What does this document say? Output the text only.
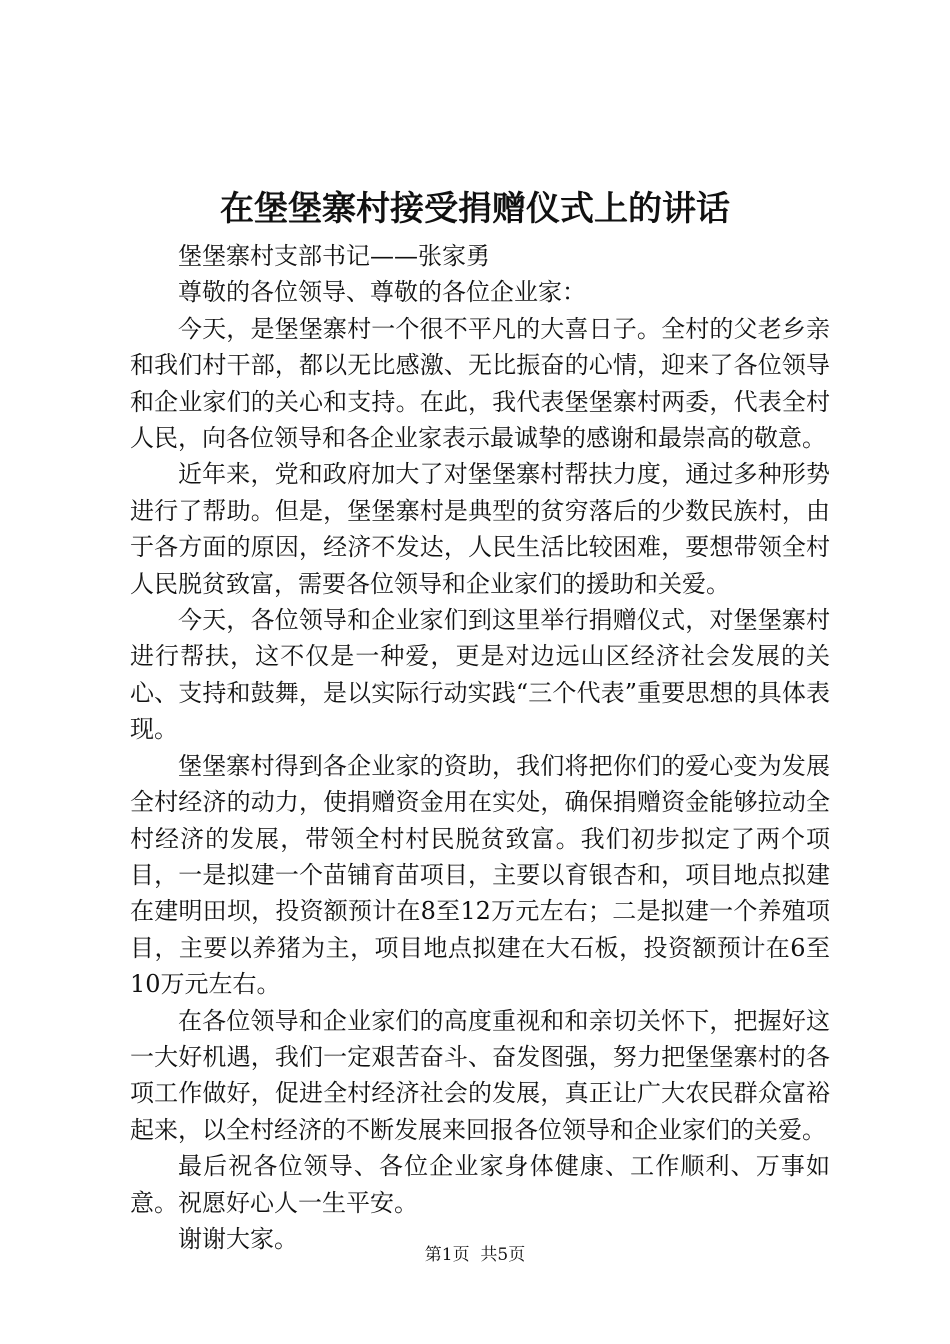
在堡堡寨村接受捐赠仪式上的讲话

堡堡寨村支部书记——张家勇

尊敬的各位领导、尊敬的各位企业家：

今天，是堡堡寨村一个很不平凡的大喜日子。全村的父老乡亲和我们村干部，都以无比感激、无比振奋的心情，迎来了各位领导和企业家们的关心和支持。在此，我代表堡堡寨村两委，代表全村人民，向各位领导和各企业家表示最诚挚的感谢和最崇高的敬意。

近年来，党和政府加大了对堡堡寨村帮扶力度，通过多种形势进行了帮助。但是，堡堡寨村是典型的贫穷落后的少数民族村，由于各方面的原因，经济不发达，人民生活比较困难，要想带领全村人民脱贫致富，需要各位领导和企业家们的援助和关爱。

今天，各位领导和企业家们到这里举行捐赠仪式，对堡堡寨村进行帮扶，这不仅是一种爱，更是对边远山区经济社会发展的关心、支持和鼓舞，是以实际行动实践“三个代表”重要思想的具体表现。

堡堡寨村得到各企业家的资助，我们将把你们的爱心变为发展全村经济的动力，使捐赠资金用在实处，确保捐赠资金能够拉动全村经济的发展，带领全村村民脱贫致富。我们初步拟定了两个项目，一是拟建一个苗铺育苗项目，主要以育银杏和，项目地点拟建在建明田坝，投资额预计在8至12万元左右；二是拟建一个养殖项目，主要以养猪为主，项目地点拟建在大石板，投资额预计在6至10万元左右。

在各位领导和企业家们的高度重视和和亲切关怀下，把握好这一大好机遇，我们一定艰苦奋斗、奋发图强，努力把堡堡寨村的各项工作做好，促进全村经济社会的发展，真正让广大农民群众富裕起来，以全村经济的不断发展来回报各位领导和企业家们的关爱。

最后祝各位领导、各位企业家身体健康、工作顺利、万事如意。祝愿好心人一生平安。

谢谢大家。

第1页  共5页
